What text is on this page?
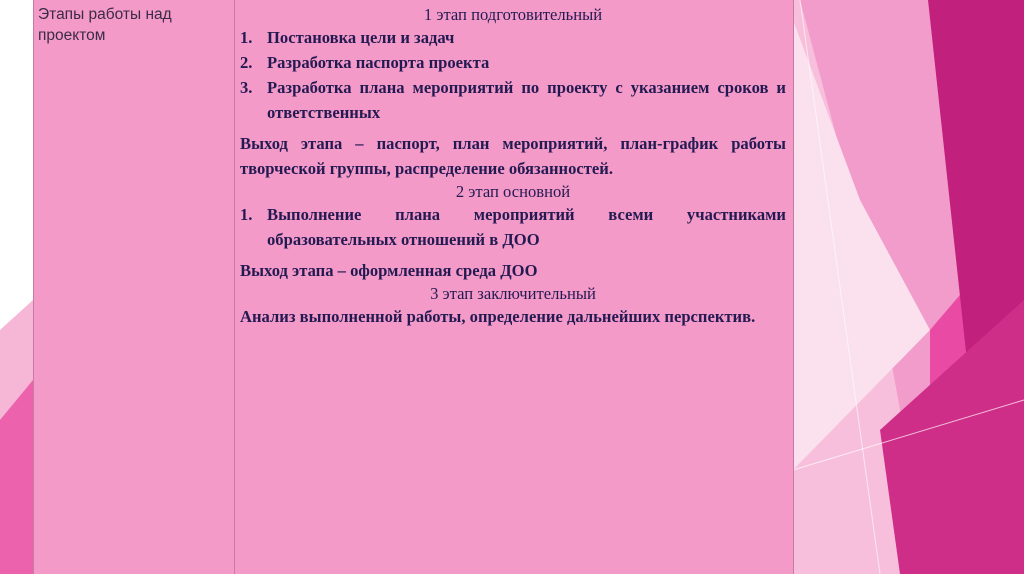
Этапы работы над проектом
1 этап подготовительный
1. Постановка цели и задач
2. Разработка паспорта проекта
3. Разработка плана мероприятий по проекту с указанием сроков и ответственных
Выход этапа – паспорт, план мероприятий, план-график работы творческой группы, распределение обязанностей.
2 этап основной
1. Выполнение плана мероприятий всеми участниками образовательных отношений в ДОО
Выход этапа – оформленная среда ДОО
3 этап заключительный
Анализ выполненной работы, определение дальнейших перспектив.
